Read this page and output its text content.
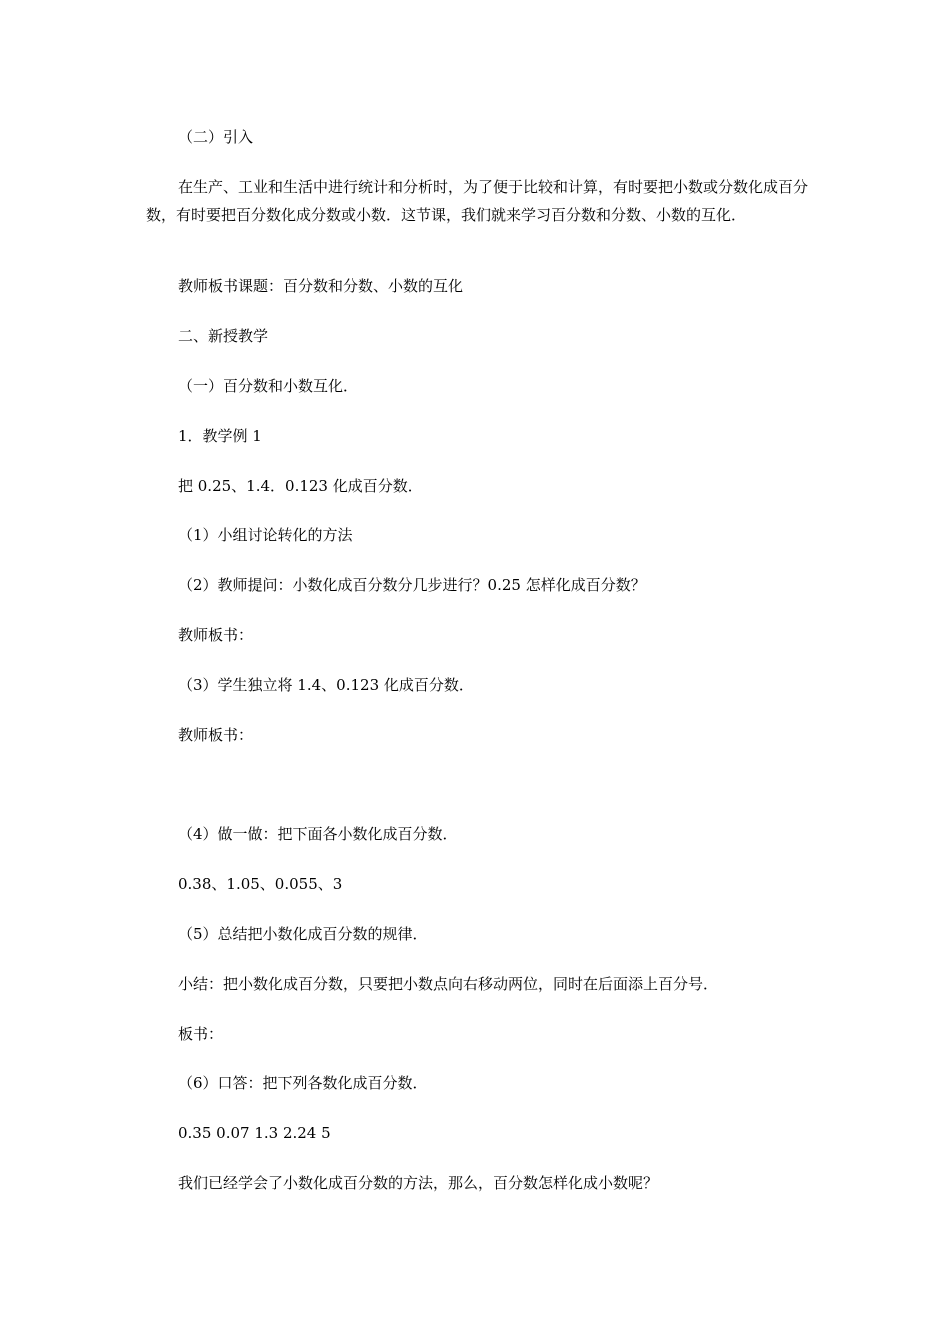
（二）引入
在生产、工业和生活中进行统计和分析时，为了便于比较和计算，有时要把小数或分数化成百分数，有时要把百分数化成分数或小数．这节课，我们就来学习百分数和分数、小数的互化．
教师板书课题：百分数和分数、小数的互化
二、新授教学
（一）百分数和小数互化．
1．教学例 1
把 0.25、1.4．0.123 化成百分数．
（1）小组讨论转化的方法
（2）教师提问：小数化成百分数分几步进行？0.25 怎样化成百分数？
教师板书：
（3）学生独立将 1.4、0.123 化成百分数．
教师板书：
（4）做一做：把下面各小数化成百分数．
0.38、1.05、0.055、3
（5）总结把小数化成百分数的规律．
小结：把小数化成百分数，只要把小数点向右移动两位，同时在后面添上百分号．
板书：
（6）口答：把下列各数化成百分数．
0.35 0.07 1.3 2.24 5
我们已经学会了小数化成百分数的方法，那么，百分数怎样化成小数呢？
